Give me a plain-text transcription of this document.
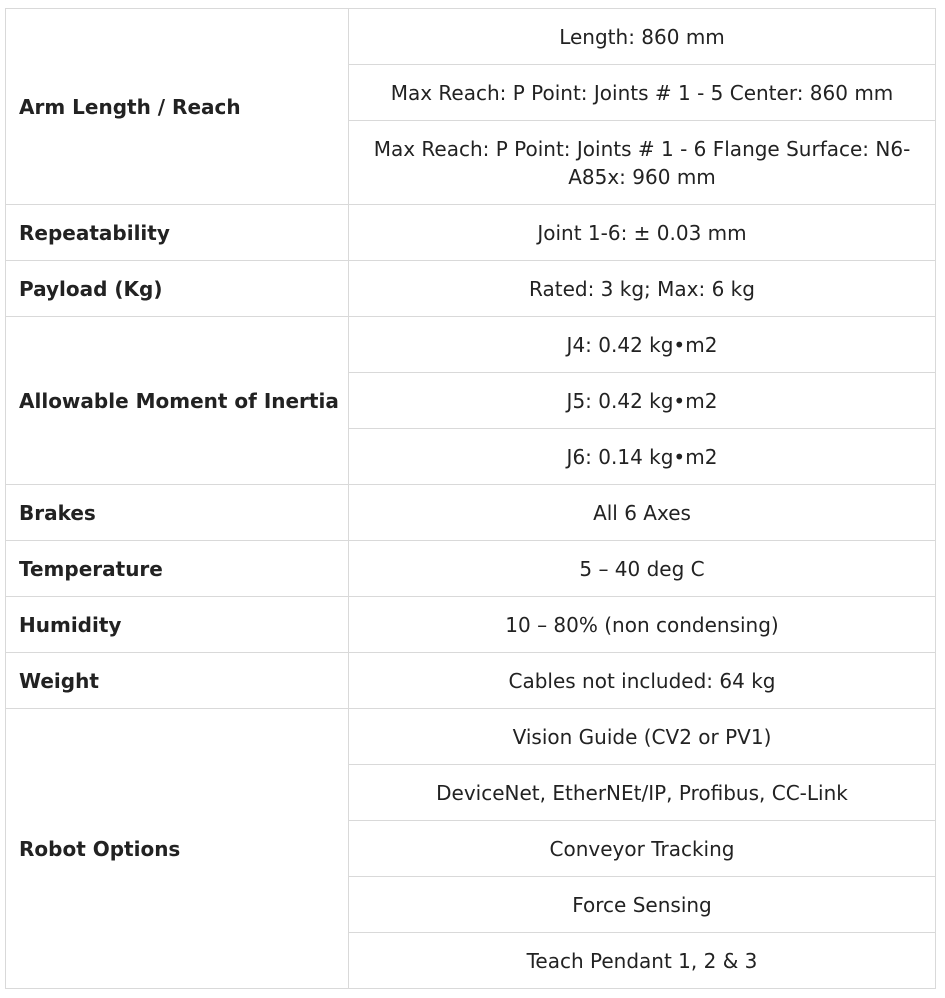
Arm Length / Reach	Length: 860 mm
	Max Reach: P Point: Joints # 1 - 5 Center: 860 mm

	Max Reach: P Point: Joints # 1 - 6 Flange Surface: N6-A85x: 960 mm

Repeatability	Joint 1-6: ± 0.03 mm
Payload (Kg)	Rated: 3 kg; Max: 6 kg
Allowable Moment of Inertia	J4: 0.42 kg•m2
	J5: 0.42 kg•m2
	J6: 0.14 kg•m2
Brakes	All 6 Axes
Temperature	5 – 40 deg C
Humidity	10 – 80% (non condensing)
Weight	Cables not included: 64 kg
Robot Options	Vision Guide (CV2 or PV1)
	DeviceNet, EtherNEt/IP, Profibus, CC-Link
	Conveyor Tracking
	Force Sensing
	Teach Pendant 1, 2 & 3
